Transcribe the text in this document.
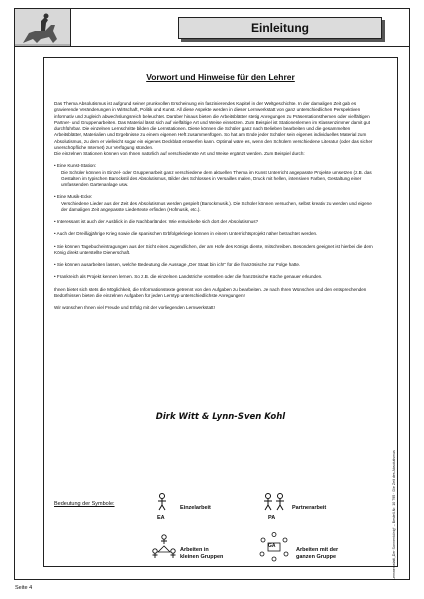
Einleitung
Vorwort und Hinweise für den Lehrer

Das Thema Absolutismus ist aufgrund seiner prunkvollen Erscheinung ein faszinierendes Kapitel in der Weltgeschichte. In der damaligen Zeit gab es gravierende Veränderungen in Wirtschaft, Politik und Kunst. All diese Aspekte werden in dieser Lernwerkstatt von ganz unterschiedlichen Perspektiven informativ und zugleich abwechslungsreich beleuchtet. Darüber hinaus bieten die Arbeitsblätter stetig Anregungen zu Präsentationsthemen oder vielfältigen Partner- und Gruppenarbeiten. Das Material lässt sich auf vielfältige Art und Weise einsetzen. Zum Beispiel ist Stationenlernen im Klassenzimmer damit gut durchführbar. Die einzelnen Lernschritte bilden die Lernstationen. Diese können die Schüler ganz nach Belieben bearbeiten und die gesammelten Arbeitsblätter, Materialien und Ergebnisse zu einem eigenen Heft zusammenfügen. So hat am Ende jeder Schüler sein eigenes individuelles Material zum Absolutismus, zu dem er vielleicht sogar ein eigenes Deckblatt entwerfen kann. Optimal wäre es, wenn den Schülern verschiedene Literatur (oder das sicher unerschöpfliche Internet) zur Verfügung stünden.

Die einzelnen Stationen können von Ihnen natürlich auf verschiedenste Art und Weise ergänzt werden. Zum Beispiel durch:

• Eine Kunst-Station:

Die Schüler können in Einzel- oder Gruppenarbeit ganz verschiedene dem aktuellen Thema im Kunst Unterricht angepasste Projekte umsetzen (z.B. das Gestalten im typischen Barockstil des Absolutismus, Bilder des Schlosses in Versailles malen, Druck mit hellen, intensiven Farben, Gestaltung einer umfassenden Gartenanlage usw.

• Eine Musik-Ecke:

Verschiedene Lieder aus der Zeit des Absolutismus werden gespielt (Barockmusik.). Die Schüler können versuchen, selbst kreativ zu werden und eigene der damaligen Zeit angepasste Liedertexte erfinden (Hofmusik, etc.).

• Interessant ist auch der Ausblick in die Nachbarländer. Wie entwickelte sich dort der Absolutismus?

• Auch der Dreißigjährige Krieg sowie die spanischen Erbfolgekriege können in einem Unterrichtsprojekt näher betrachtet werden.

• Sie können Tagebucheintragungen aus der Sicht eines Jugendlichen, der am Hofe des Königs diente, mitschreiben. Besonders geeignet ist hierbei die dem König direkt unterstellte Dienerschaft.

• Sie können ausarbeiten lassen, welche Bedeutung die Aussage „Der Staat bin ich!“ für die französische zur Folge hatte.

• Frankreich als Projekt kennen lernen. So z.B. die einzelnen Landstriche vorstellen oder die französische Küche genauer erkunden.

Ihnen bietet sich stets die Möglichkeit, die Informationstexte getrennt von den Aufgaben zu bearbeiten. Je nach Ihren Wünschen und den entsprechenden Bedürfnissen bieten die einzelnen Aufgaben für jeden Lerntyp unterschiedlichste Anregungen!

Wir wünschen Ihnen viel Freude und Erfolg mit der vorliegenden Lernwerkstatt!

Dirk Witt & Lynn-Sven Kohl
Lernwerkstatt „Der Sonnenkönig“ – Bestell-Nr. 10 795 · Die Zeit des Absolutismus
Bedeutung der Symbole:
EA
Einzelarbeit
PA
Partnerarbeit
Arbeiten in
kleinen Gruppen
GA
Arbeiten mit der
ganzen Gruppe
Seite 4
